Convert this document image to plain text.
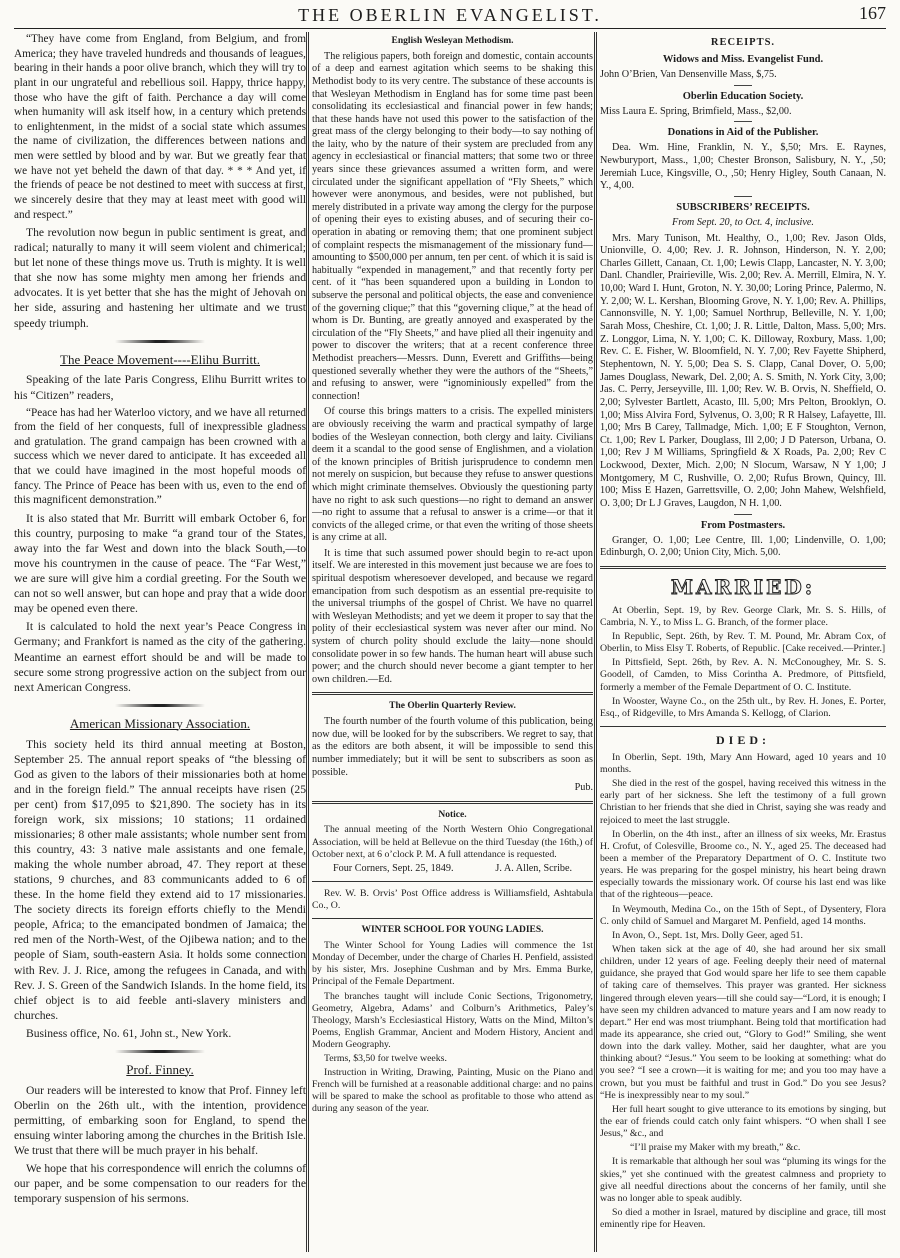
THE OBERLIN EVANGELIST.	167

“They have come from England, from Belgium, and from America; they have traveled hundreds and thousands of leagues, bearing in their hands a poor olive branch, which they will try to plant in our ungrateful and rebellious soil. Happy, thrice happy, those who have the gift of faith. Perchance a day will come when humanity will ask itself how, in a century which pretends to enlightenment, in the midst of a social state which assumes the name of civilization, the differences between nations and men were settled by blood and by war. But we greatly fear that we have not yet beheld the dawn of that day. * * * And yet, if the friends of peace be not destined to meet with success at first, we sincerely desire that they may at least meet with good will and respect.”

The revolution now begun in public sentiment is great, and radical; naturally to many it will seem violent and chimerical; but let none of these things move us. Truth is mighty. It is well that she now has some mighty men among her friends and advocates. It is yet better that she has the might of Jehovah on her side, assuring and hastening her ultimate and we trust speedy triumph.

The Peace Movement----Elihu Burritt.

Speaking of the late Paris Congress, Elihu Burritt writes to his “Citizen” readers,

“Peace has had her Waterloo victory, and we have all returned from the field of her conquests, full of inexpressible gladness and gratulation. The grand campaign has been crowned with a success which we never dared to anticipate. It has exceeded all that we could have imagined in the most hopeful moods of fancy. The Prince of Peace has been with us, even to the end of this magnificent demonstration.”

It is also stated that Mr. Burritt will embark October 6, for this country, purposing to make “a grand tour of the States, away into the far West and down into the black South,—to move his countrymen in the cause of peace. The “Far West,” we are sure will give him a cordial greeting. For the South we can not so well answer, but can hope and pray that a wide door may be opened even there.

It is calculated to hold the next year’s Peace Congress in Germany; and Frankfort is named as the city of the gathering. Meantime an earnest effort should be and will be made to secure some strong progressive action on the subject from our next American Congress.

American Missionary Association.

This society held its third annual meeting at Boston, September 25. The annual report speaks of “the blessing of God as given to the labors of their missionaries both at home and in the foreign field.” The annual receipts have risen (25 per cent) from $17,095 to $21,890. The society has in its foreign work, six missions; 10 stations; 11 ordained missionaries; 8 other male assistants; whole number sent from this country, 43: 3 native male assistants and one female, making the whole number abroad, 47. They report at these stations, 9 churches, and 83 communicants added to 6 of these. In the home field they extend aid to 17 missionaries. The society directs its foreign efforts chiefly to the Mendi people, Africa; to the emancipated bondmen of Jamaica; the red men of the North-West, of the Ojibewa nation; and to the people of Siam, south-eastern Asia. It holds some connection with Rev. J. J. Rice, among the refugees in Canada, and with Rev. J. S. Green of the Sandwich Islands. In the home field, its chief object is to aid feeble anti-slavery ministers and churches.

Business office, No. 61, John st., New York.

Prof. Finney.

Our readers will be interested to know that Prof. Finney left Oberlin on the 26th ult., with the intention, providence permitting, of embarking soon for England, to spend the ensuing winter laboring among the churches in the British Isle. We trust that there will be much prayer in his behalf.

We hope that his correspondence will enrich the columns of our paper, and be some compensation to our readers for the temporary suspension of his sermons.

English Wesleyan Methodism.

The religious papers, both foreign and domestic, contain accounts of a deep and earnest agitation which seems to be shaking this Methodist body to its very centre. The substance of these accounts is that Wesleyan Methodism in England has for some time past been consolidating its ecclesiastical and financial power in few hands; that these hands have not used this power to the satisfaction of the great mass of the clergy belonging to their body—to say nothing of the laity, who by the nature of their system are precluded from any agency in ecclesiastical or financial matters; that some two or three years since these grievances assumed a written form, and were circulated under the significant appellation of “Fly Sheets,” which however were anonymous, and besides, were not published, but merely distributed in a private way among the clergy for the purpose of opening their eyes to existing abuses, and of securing their co-operation in abating or removing them; that one prominent subject of complaint respects the mismanagement of the missionary fund—amounting to $500,000 per annum, ten per cent. of which it is said is habitually “expended in management,” and that recently forty per cent. of it “has been squandered upon a building in London to subserve the personal and political objects, the ease and convenience of the governing clique;” that this “governing clique,” at the head of whom is Dr. Bunting, are greatly annoyed and exasperated by the circulation of the “Fly Sheets,” and have plied all their ingenuity and power to discover the writers; that at a recent conference three Methodist preachers—Messrs. Dunn, Everett and Griffiths—being questioned severally whether they were the authors of the “Sheets,” and refusing to answer, were “ignominiously expelled” from the connection!

Of course this brings matters to a crisis. The expelled ministers are obviously receiving the warm and practical sympathy of large bodies of the Wesleyan connection, both clergy and laity. Civilians deem it a scandal to the good sense of Englishmen, and a violation of the known principles of British jurisprudence to condemn men not merely on suspicion, but because they refuse to answer questions which might criminate themselves. Obviously the questioning party have no right to ask such questions—no right to demand an answer—no right to assume that a refusal to answer is a crime—or that it convicts of the alleged crime, or that even the writing of those sheets is any crime at all.

It is time that such assumed power should begin to re-act upon itself. We are interested in this movement just because we are foes to spiritual despotism wheresoever developed, and because we regard emancipation from such despotism as an essential pre-requisite to the universal triumphs of the gospel of Christ. We have no quarrel with Wesleyan Methodists; and yet we deem it proper to say that the polity of their ecclesiastical system was never after our mind. No system of church polity should exclude the laity—none should consolidate power in so few hands. The human heart will abuse such power; and the church should never become a giant tempter to her own children.—Ed.

The Oberlin Quarterly Review.

The fourth number of the fourth volume of this publication, being now due, will be looked for by the subscribers. We regret to say, that as the editors are both absent, it will be impossible to send this number immediately; but it will be sent to subscribers as soon as possible.

Pub.
Notice.

The annual meeting of the North Western Ohio Congregational Association, will be held at Bellevue on the third Tuesday (the 16th,) of October next, at 6 o’clock P. M. A full attendance is requested.

Four Corners, Sept. 25, 1849.	J. A. Allen, Scribe.

Rev. W. B. Orvis’ Post Office address is Williamsfield, Ashtabula Co., O.

WINTER SCHOOL FOR YOUNG LADIES.

The Winter School for Young Ladies will commence the 1st Monday of December, under the charge of Charles H. Penfield, assisted by his sister, Mrs. Josephine Cushman and by Mrs. Emma Burke, Principal of the Female Department.

The branches taught will include Conic Sections, Trigonometry, Geometry, Algebra, Adams’ and Colburn’s Arithmetics, Paley’s Theology, Marsh’s Ecclesiastical History, Watts on the Mind, Milton’s Poems, English Grammar, Ancient and Modern History, Ancient and Modern Geography.

Terms, $3,50 for twelve weeks.

Instruction in Writing, Drawing, Painting, Music on the Piano and French will be furnished at a reasonable additional charge: and no pains will be spared to make the school as profitable to those who attend as during any season of the year.

RECEIPTS.
Widows and Miss. Evangelist Fund.

John O’Brien, Van Densenville Mass, $,75.

Oberlin Education Society.

Miss Laura E. Spring, Brimfield, Mass., $2,00.

Donations in Aid of the Publisher.

Dea. Wm. Hine, Franklin, N. Y., $,50; Mrs. E. Raynes, Newburyport, Mass., 1,00; Chester Bronson, Salisbury, N. Y., ,50; Jeremiah Luce, Kingsville, O., ,50; Henry Higley, South Canaan, N. Y., 4,00.

SUBSCRIBERS’ RECEIPTS.
From Sept. 20, to Oct. 4, inclusive.

Mrs. Mary Tunison, Mt. Healthy, O., 1,00; Rev. Jason Olds, Unionville, O. 4,00; Rev. J. R. Johnson, Hinderson, N. Y. 2,00; Charles Gillett, Canaan, Ct. 1,00; Lewis Clapp, Lancaster, N. Y. 3,00; Danl. Chandler, Prairieville, Wis. 2,00; Rev. A. Merrill, Elmira, N. Y. 10,00; Ward I. Hunt, Groton, N. Y. 30,00; Loring Prince, Palermo, N. Y. 2,00; W. L. Kershan, Blooming Grove, N. Y. 1,00; Rev. A. Phillips, Cannonsville, N. Y. 1,00; Samuel Northrup, Belleville, N. Y. 1,00; Sarah Moss, Cheshire, Ct. 1,00; J. R. Little, Dalton, Mass. 5,00; Mrs. Z. Longgor, Lima, N. Y. 1,00; C. K. Dilloway, Roxbury, Mass. 1,00; Rev. C. E. Fisher, W. Bloomfield, N. Y. 7,00; Rev Fayette Shipherd, Stephentown, N. Y. 5,00; Dea S. S. Clapp, Canal Dover, O. 5,00; James Douglass, Newark, Del. 2,00; A. S. Smith, N. York City, 3,00; Jas. C. Perry, Jerseyville, Ill. 1,00; Rev. W. B. Orvis, N. Sheffield, O. 2,00; Sylvester Bartlett, Acasto, Ill. 5,00; Mrs Pelton, Brooklyn, O. 1,00; Miss Alvira Ford, Sylvenus, O. 3,00; R R Halsey, Lafayette, Ill. 1,00; Mrs B Carey, Tallmadge, Mich. 1,00; E F Stoughton, Vernon, Ct. 1,00; Rev L Parker, Douglass, Ill 2,00; J D Paterson, Urbana, O. 1,00; Rev J M Williams, Springfield & X Roads, Pa. 2,00; Rev C Lockwood, Dexter, Mich. 2,00; N Slocum, Warsaw, N Y 1,00; J Montgomery, M C, Rushville, O. 2,00; Rufus Brown, Quincy, Ill. 100; Miss E Hazen, Garrettsville, O. 2,00; John Mahew, Welshfield, O. 3,00; Dr L J Graves, Laugdon, N H. 1,00.

From Postmasters.

Granger, O. 1,00; Lee Centre, Ill. 1,00; Lindenville, O. 1,00; Edinburgh, O. 2,00; Union City, Mich. 5,00.

MARRIED:

At Oberlin, Sept. 19, by Rev. George Clark, Mr. S. S. Hills, of Cambria, N. Y., to Miss L. G. Branch, of the former place.

In Republic, Sept. 26th, by Rev. T. M. Pound, Mr. Abram Cox, of Oberlin, to Miss Elsy T. Roberts, of Republic. [Cake received.—Printer.]

In Pittsfield, Sept. 26th, by Rev. A. N. McConoughey, Mr. S. S. Goodell, of Camden, to Miss Corintha A. Predmore, of Pittsfield, formerly a member of the Female Department of O. C. Institute.

In Wooster, Wayne Co., on the 25th ult., by Rev. H. Jones, E. Porter, Esq., of Ridgeville, to Mrs Amanda S. Kellogg, of Clarion.

DIED:

In Oberlin, Sept. 19th, Mary Ann Howard, aged 10 years and 10 months.

She died in the rest of the gospel, having received this witness in the early part of her sickness. She left the testimony of a full grown Christian to her friends that she died in Christ, saying she was ready and rejoiced to meet the last struggle.

In Oberlin, on the 4th inst., after an illness of six weeks, Mr. Erastus H. Crofut, of Colesville, Broome co., N. Y., aged 25. The deceased had been a member of the Preparatory Department of O. C. Institute two years. He was preparing for the gospel ministry, his heart being drawn especially towards the missionary work. Of course his last end was like that of the righteous—peace.

In Weymouth, Medina Co., on the 15th of Sept., of Dysentery, Flora C. only child of Samuel and Margaret M. Penfield, aged 14 months.

In Avon, O., Sept. 1st, Mrs. Dolly Geer, aged 51.

When taken sick at the age of 40, she had around her six small children, under 12 years of age. Feeling deeply their need of maternal guidance, she prayed that God would spare her life to see them capable of taking care of themselves. This prayer was granted. Her sickness lingered through eleven years—till she could say—“Lord, it is enough; I have seen my children advanced to mature years and I am now ready to depart.” Her end was most triumphant. Being told that mortification had made its appearance, she cried out, “Glory to God!” Smiling, she went down into the dark valley. Mother, said her daughter, what are you thinking about? “Jesus.” You seem to be looking at something: what do you see? “I see a crown—it is waiting for me; and you too may have a crown, but you must be faithful and trust in God.” Do you see Jesus? “He is inexpressibly near to my soul.”

Her full heart sought to give utterance to its emotions by singing, but the ear of friends could catch only faint whispers. “O when shall I see Jesus,” &c., and

“I’ll praise my Maker with my breath,” &c.

It is remarkable that although her soul was “pluming its wings for the skies,” yet she continued with the greatest calmness and propriety to give all needful directions about the concerns of her family, until she was no longer able to speak audibly.

So died a mother in Israel, matured by discipline and grace, till most eminently ripe for Heaven.
